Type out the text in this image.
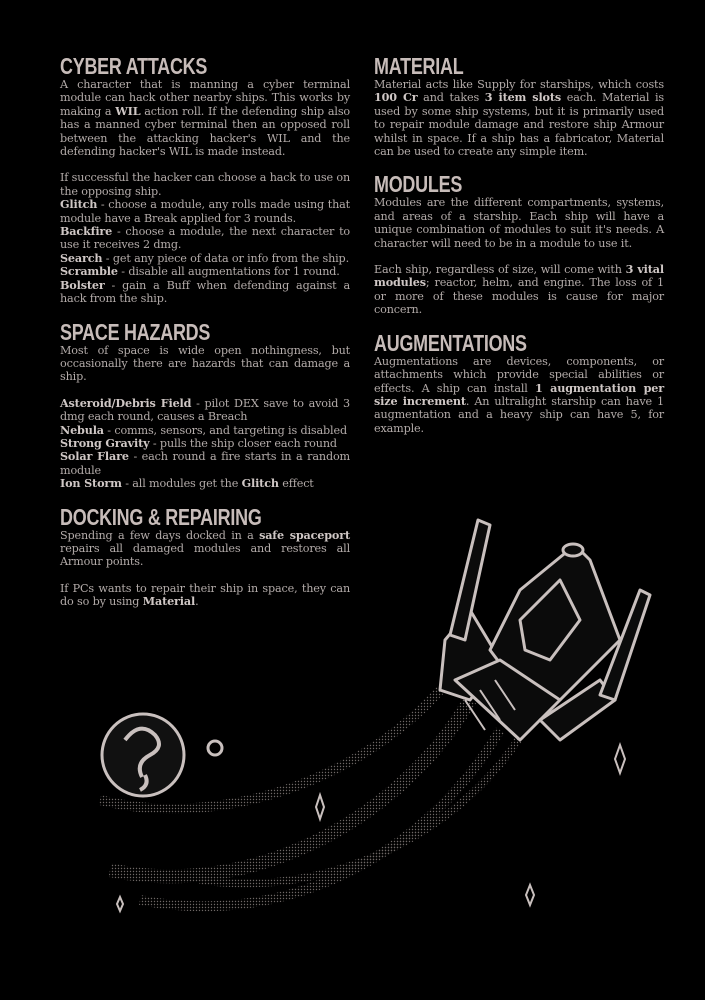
CYBER ATTACKS

A character that is manning a cyber terminal module can hack other nearby ships. This works by making a WIL action roll. If the defending ship also has a manned cyber terminal then an opposed roll between the attacking hacker's WIL and the defending hacker's WIL is made instead.

If successful the hacker can choose a hack to use on the opposing ship.

Glitch - choose a module, any rolls made using that module have a Break applied for 3 rounds.

Backfire - choose a module, the next character to use it receives 2 dmg.

Search - get any piece of data or info from the ship.

Scramble - disable all augmentations for 1 round.

Bolster - gain a Buff when defending against a hack from the ship.

SPACE HAZARDS

Most of space is wide open nothingness, but occasionally there are hazards that can damage a ship.

Asteroid/Debris Field - pilot DEX save to avoid 3 dmg each round, causes a Breach

Nebula - comms, sensors, and targeting is disabled

Strong Gravity - pulls the ship closer each round

Solar Flare - each round a fire starts in a random module

Ion Storm - all modules get the Glitch effect

DOCKING & REPAIRING

Spending a few days docked in a safe spaceport repairs all damaged modules and restores all Armour points.

If PCs wants to repair their ship in space, they can do so by using Material.

MATERIAL

Material acts like Supply for starships, which costs 100 Cr and takes 3 item slots each. Material is used by some ship systems, but it is primarily used to repair module damage and restore ship Armour whilst in space. If a ship has a fabricator, Material can be used to create any simple item.

MODULES

Modules are the different compartments, systems, and areas of a starship. Each ship will have a unique combination of modules to suit it's needs. A character will need to be in a module to use it.

Each ship, regardless of size, will come with 3 vital modules; reactor, helm, and engine. The loss of 1 or more of these modules is cause for major concern.

AUGMENTATIONS

Augmentations are devices, components, or attachments which provide special abilities or effects. A ship can install 1 augmentation per size increment. An ultralight starship can have 1 augmentation and a heavy ship can have 5, for example.
